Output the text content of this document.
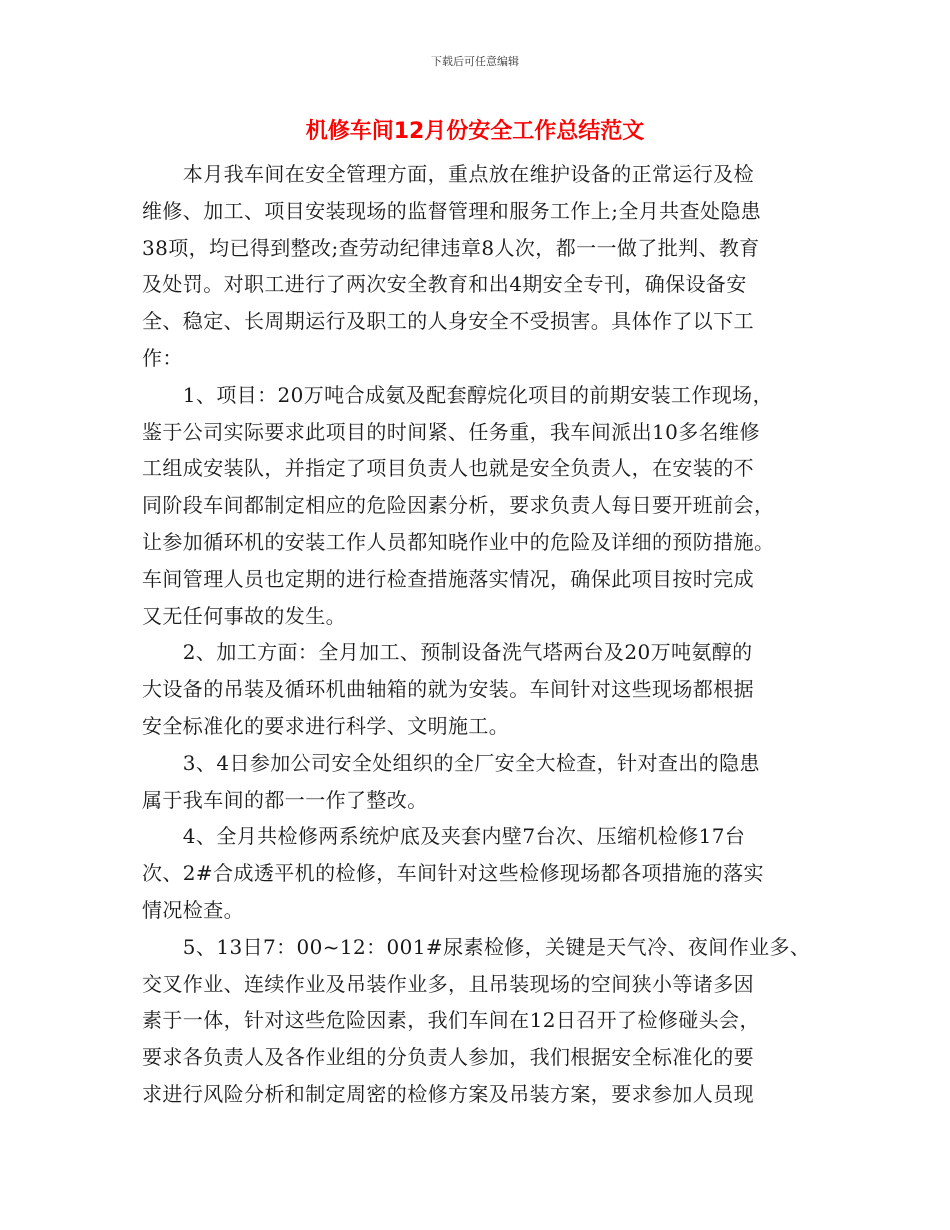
下载后可任意编辑
机修车间12月份安全工作总结范文
　　本月我车间在安全管理方面，重点放在维护设备的正常运行及检
维修、加工、项目安装现场的监督管理和服务工作上;全月共查处隐患
38项，均已得到整改;查劳动纪律违章8人次，都一一做了批判、教育
及处罚。对职工进行了两次安全教育和出4期安全专刊，确保设备安
全、稳定、长周期运行及职工的人身安全不受损害。具体作了以下工
作：
　　1、项目：20万吨合成氨及配套醇烷化项目的前期安装工作现场，
鉴于公司实际要求此项目的时间紧、任务重，我车间派出10多名维修
工组成安装队，并指定了项目负责人也就是安全负责人，在安装的不
同阶段车间都制定相应的危险因素分析，要求负责人每日要开班前会，
让参加循环机的安装工作人员都知晓作业中的危险及详细的预防措施。
车间管理人员也定期的进行检查措施落实情况，确保此项目按时完成
又无任何事故的发生。
　　2、加工方面：全月加工、预制设备洗气塔两台及20万吨氨醇的
大设备的吊装及循环机曲轴箱的就为安装。车间针对这些现场都根据
安全标准化的要求进行科学、文明施工。
　　3、4日参加公司安全处组织的全厂安全大检查，针对查出的隐患
属于我车间的都一一作了整改。
　　4、全月共检修两系统炉底及夹套内壁7台次、压缩机检修17台
次、2#合成透平机的检修，车间针对这些检修现场都各项措施的落实
情况检查。
　　5、13日7：00~12：001#尿素检修，关键是天气冷、夜间作业多、
交叉作业、连续作业及吊装作业多，且吊装现场的空间狭小等诸多因
素于一体，针对这些危险因素，我们车间在12日召开了检修碰头会，
要求各负责人及各作业组的分负责人参加，我们根据安全标准化的要
求进行风险分析和制定周密的检修方案及吊装方案，要求参加人员现
